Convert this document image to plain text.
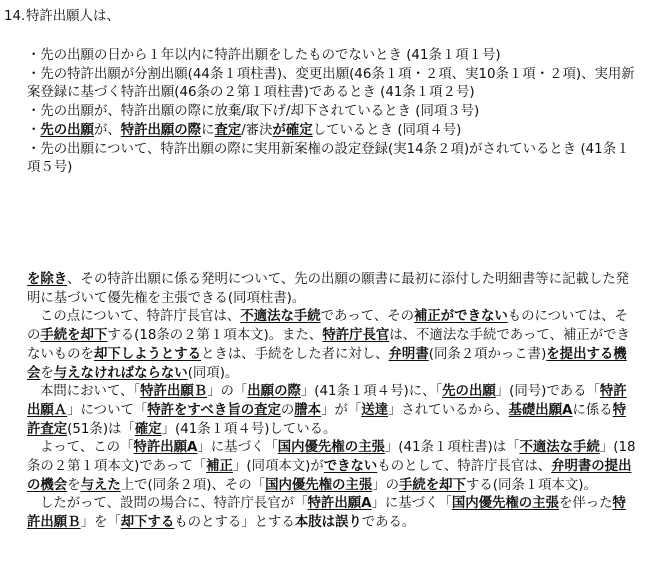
14.特許出願人は、

・先の出願の日から１年以内に特許出願をしたものでないとき (41条１項１号)
・先の特許出願が分割出願(44条１項柱書)、変更出願(46条１項・２項、実10条１項・２項)、実用新案登録に基づく特許出願(46条の２第１項柱書)であるとき (41条１項２号)
・先の出願が、特許出願の際に放棄/取下げ/却下されているとき (同項３号)
・先の出願が、特許出願の際に査定/審決が確定しているとき (同項４号)
・先の出願について、特許出願の際に実用新案権の設定登録(実14条２項)がされているとき (41条１項５号)

を除き、その特許出願に係る発明について、先の出願の願書に最初に添付した明細書等に記載した発明に基づいて優先権を主張できる(同項柱書)。

この点について、特許庁長官は、不適法な手続であって、その補正ができないものについては、その手続を却下する(18条の２第１項本文)。また、特許庁長官は、不適法な手続であって、補正ができないものを却下しようとするときは、手続をした者に対し、弁明書(同条２項かっこ書)を提出する機会を与えなければならない(同項)。

本問において、「特許出願Ｂ」の「出願の際」(41条１項４号)に、「先の出願」(同号)である「特許出願Ａ」について「特許をすべき旨の査定の謄本」が「送達」されているから、基礎出願Aに係る特許査定(51条)は「確定」(41条１項４号)している。

よって、この「特許出願A」に基づく「国内優先権の主張」(41条１項柱書)は「不適法な手続」(18条の２第１項本文)であって「補正」(同項本文)ができないものとして、特許庁長官は、弁明書の提出の機会を与えた上で(同条２項)、その「国内優先権の主張」の手続を却下する(同条１項本文)。

したがって、設問の場合に、特許庁長官が「特許出願A」に基づく「国内優先権の主張を伴った特許出願Ｂ」を「却下するものとする」とする本肢は誤りである。
